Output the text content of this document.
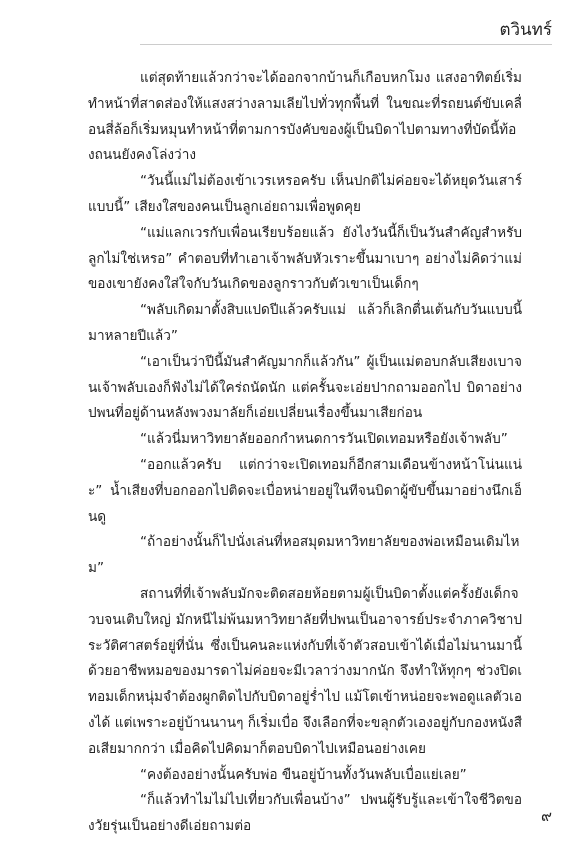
ตวินทร์

แต่สุดท้ายแล้วกว่าจะได้ออกจากบ้านก็เกือบหกโมง แสงอาทิตย์เริ่มทำหน้าที่สาดส่องให้แสงสว่างลามเลียไปทั่วทุกพื้นที่ ในขณะที่รถยนต์ขับเคลื่อนสี่ล้อก็เริ่มหมุนทำหน้าที่ตามการบังคับของผู้เป็นบิดาไปตามทางที่บัดนี้ท้องถนนยังคงโล่งว่าง

“วันนี้แม่ไม่ต้องเข้าเวรเหรอครับ เห็นปกติไม่ค่อยจะได้หยุดวันเสาร์แบบนี้” เสียงใสของคนเป็นลูกเอ่ยถามเพื่อพูดคุย

“แม่แลกเวรกับเพื่อนเรียบร้อยแล้ว ยังไงวันนี้ก็เป็นวันสำคัญสำหรับลูกไม่ใช่เหรอ” คำตอบที่ทำเอาเจ้าพลับหัวเราะขึ้นมาเบาๆ อย่างไม่คิดว่าแม่ของเขายังคงใส่ใจกับวันเกิดของลูกราวกับตัวเขาเป็นเด็กๆ

“พลับเกิดมาตั้งสิบแปดปีแล้วครับแม่ แล้วก็เลิกตื่นเต้นกับวันแบบนี้มาหลายปีแล้ว”

“เอาเป็นว่าปีนี้มันสำคัญมากก็แล้วกัน” ผู้เป็นแม่ตอบกลับเสียงเบาจนเจ้าพลับเองก็ฟังไม่ได้ใคร่ถนัดนัก แต่ครั้นจะเอ่ยปากถามออกไป บิดาอย่างปพนที่อยู่ด้านหลังพวงมาลัยก็เอ่ยเปลี่ยนเรื่องขึ้นมาเสียก่อน

“แล้วนี่มหาวิทยาลัยออกกำหนดการวันเปิดเทอมหรือยังเจ้าพลับ”

“ออกแล้วครับ แต่กว่าจะเปิดเทอมก็อีกสามเดือนข้างหน้าโน่นแน่ะ” น้ำเสียงที่บอกออกไปติดจะเบื่อหน่ายอยู่ในทีจนบิดาผู้ขับขึ้นมาอย่างนึกเอ็นดู

“ถ้าอย่างนั้นก็ไปนั่งเล่นที่หอสมุดมหาวิทยาลัยของพ่อเหมือนเดิมไหม”

สถานที่ที่เจ้าพลับมักจะติดสอยห้อยตามผู้เป็นบิดาตั้งแต่ครั้งยังเด็กจวบจนเติบใหญ่ มักหนีไม่พ้นมหาวิทยาลัยที่ปพนเป็นอาจารย์ประจำภาควิชาประวัติศาสตร์อยู่ที่นั่น ซึ่งเป็นคนละแห่งกับที่เจ้าตัวสอบเข้าได้เมื่อไม่นานมานี้ ด้วยอาชีพหมอของมารดาไม่ค่อยจะมีเวลาว่างมากนัก จึงทำให้ทุกๆ ช่วงปิดเทอมเด็กหนุ่มจำต้องผูกติดไปกับบิดาอยู่ร่ำไป แม้โตเข้าหน่อยจะพอดูแลตัวเองได้ แต่เพราะอยู่บ้านนานๆ ก็เริ่มเบื่อ จึงเลือกที่จะขลุกตัวเองอยู่กับกองหนังสือเสียมากกว่า เมื่อคิดไปคิดมาก็ตอบบิดาไปเหมือนอย่างเคย

“คงต้องอย่างนั้นครับพ่อ ขืนอยู่บ้านทั้งวันพลับเบื่อแย่เลย”

“ก็แล้วทำไมไม่ไปเที่ยวกับเพื่อนบ้าง” ปพนผู้รับรู้และเข้าใจชีวิตของวัยรุ่นเป็นอย่างดีเอ่ยถามต่อ

๙
